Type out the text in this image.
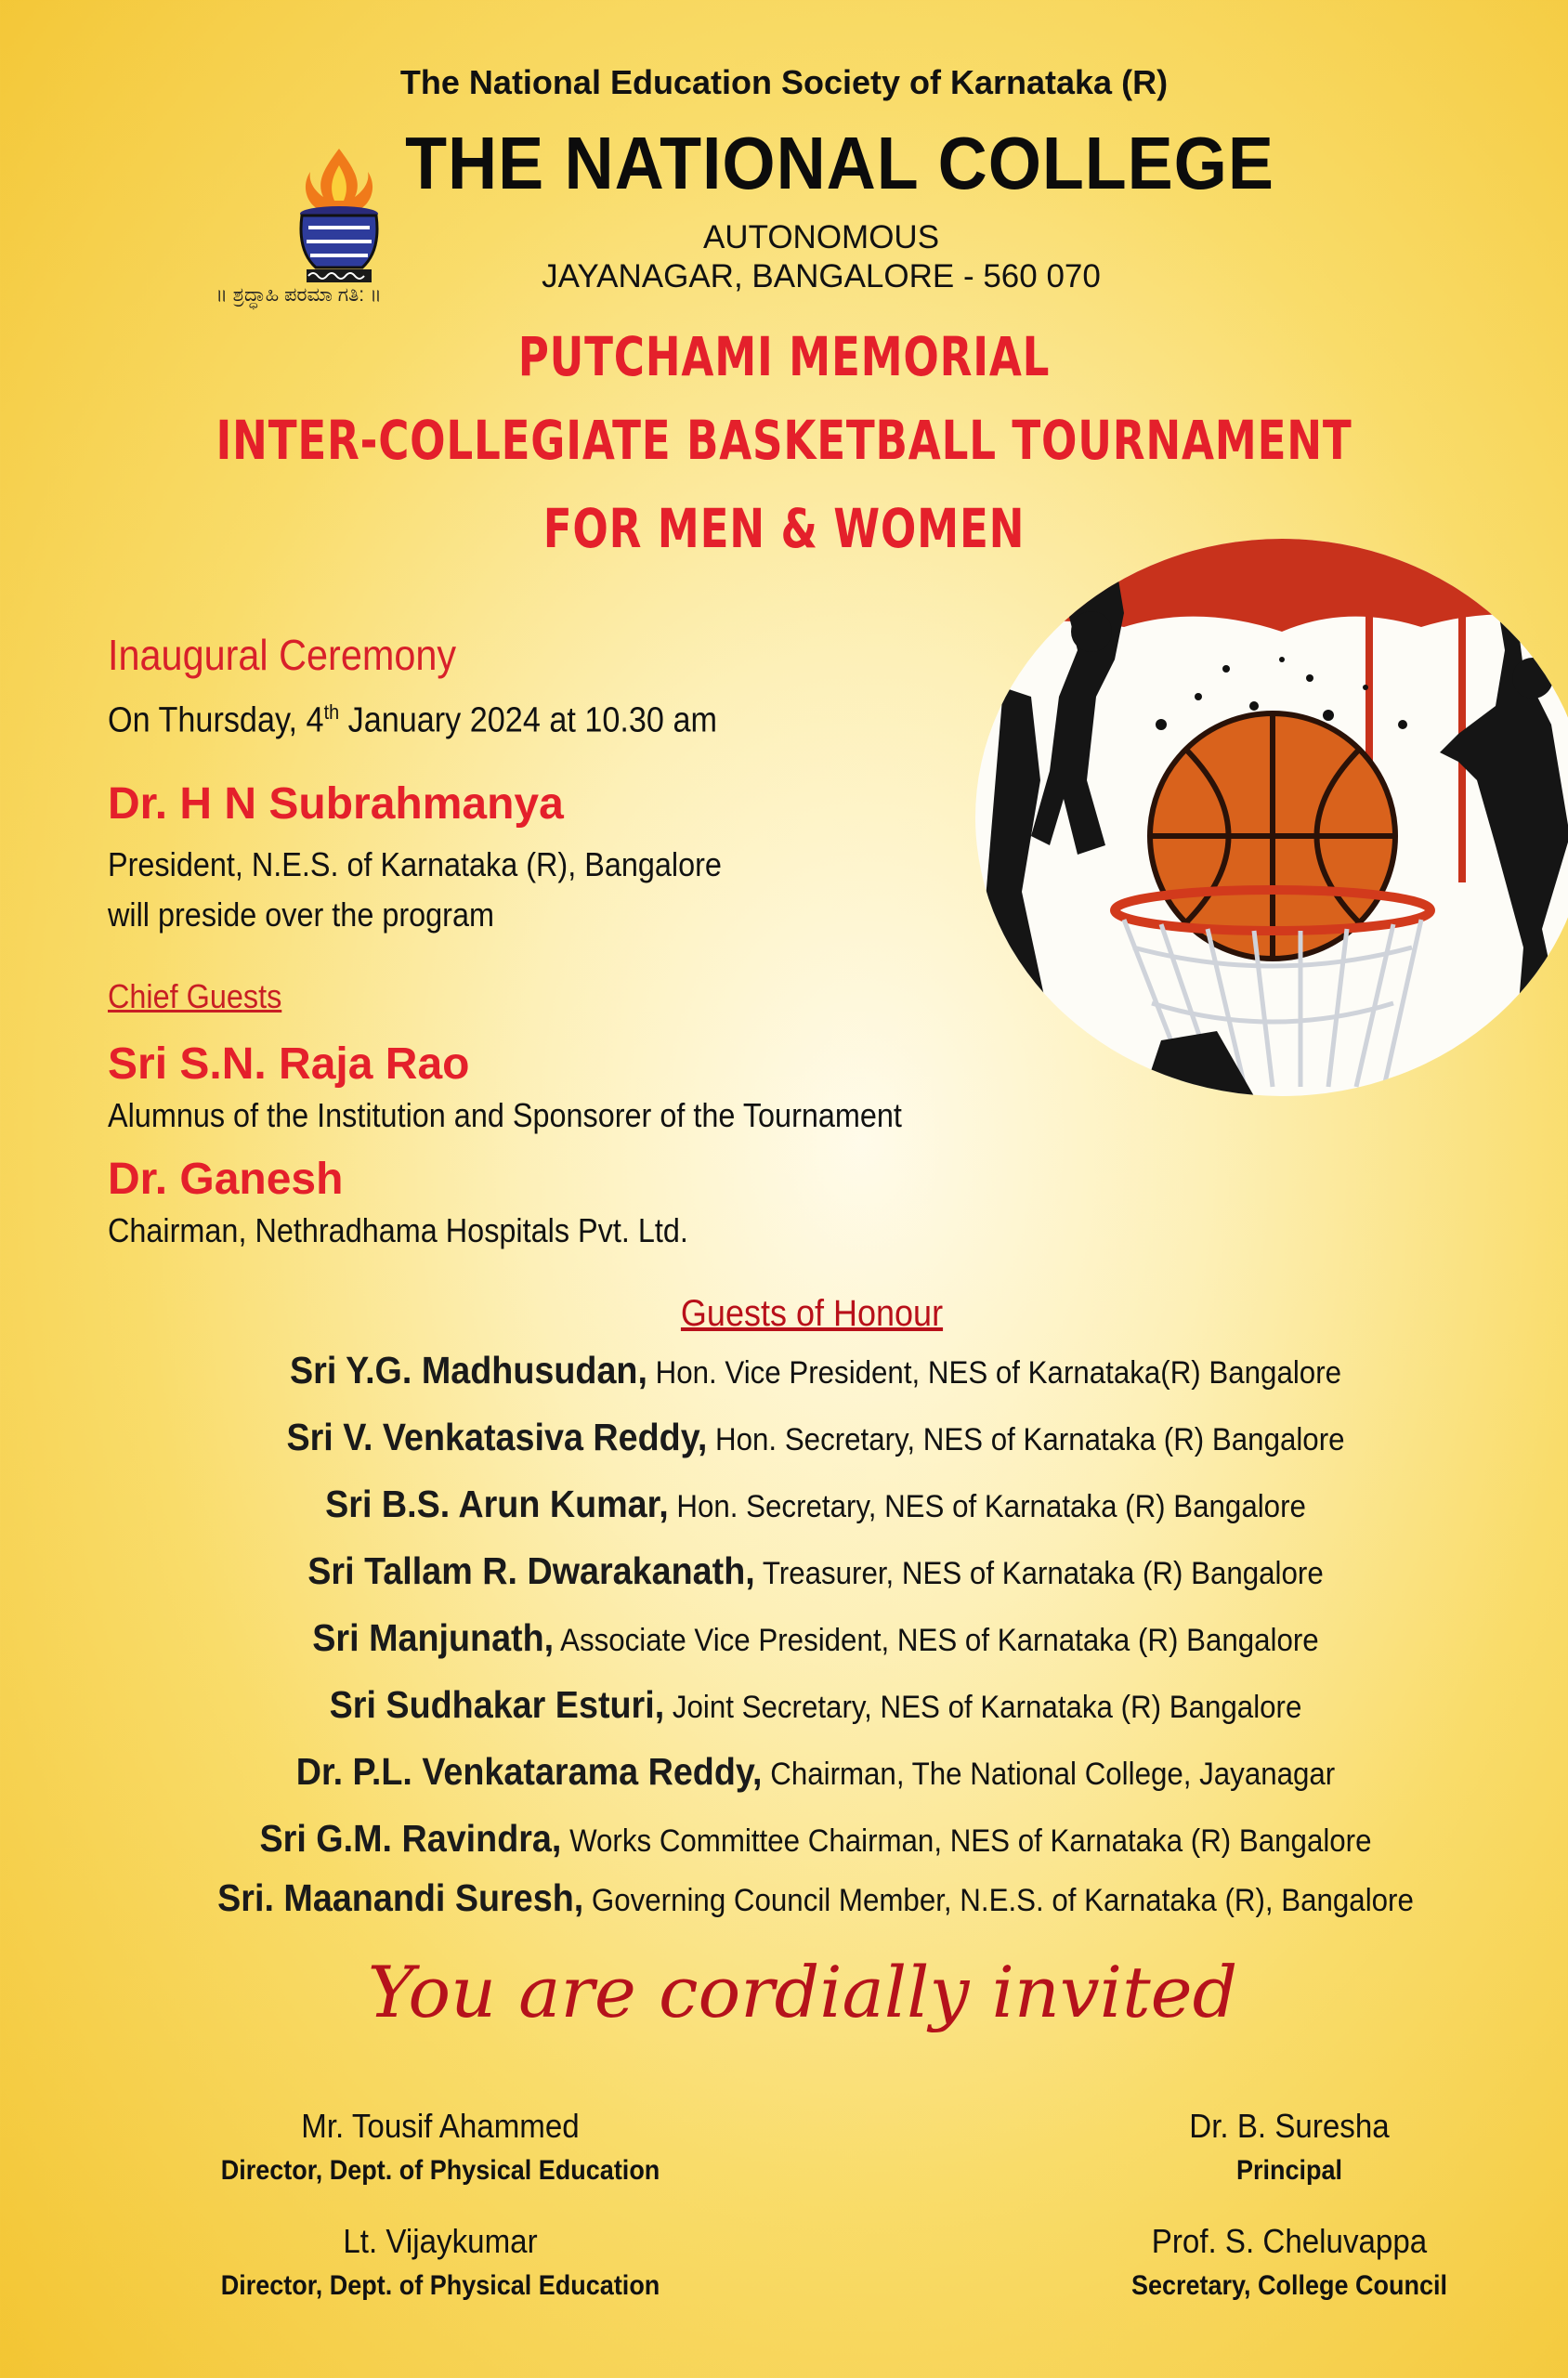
The National Education Society of Karnataka (R)
THE NATIONAL COLLEGE
AUTONOMOUS
JAYANAGAR, BANGALORE - 560 070
॥ ಶ್ರದ್ಧಾಹಿ ಪರಮಾ ಗತಿ: ॥
PUTCHAMI MEMORIAL
INTER-COLLEGIATE BASKETBALL TOURNAMENT
FOR MEN & WOMEN
Inaugural Ceremony
On Thursday, 4th January 2024 at 10.30 am
Dr. H N Subrahmanya
President, N.E.S. of Karnataka (R), Bangalore
will preside over the program
Chief Guests
Sri S.N. Raja Rao
Alumnus of the Institution and Sponsorer of the Tournament
Dr. Ganesh
Chairman, Nethradhama Hospitals Pvt. Ltd.
Guests of Honour
Sri Y.G. Madhusudan, Hon. Vice President, NES of Karnataka(R) Bangalore
Sri V. Venkatasiva Reddy, Hon. Secretary, NES of Karnataka (R) Bangalore
Sri B.S. Arun Kumar, Hon. Secretary, NES of Karnataka (R) Bangalore
Sri Tallam R. Dwarakanath, Treasurer, NES of Karnataka (R) Bangalore
Sri Manjunath, Associate Vice President, NES of Karnataka (R) Bangalore
Sri Sudhakar Esturi, Joint Secretary, NES of Karnataka (R) Bangalore
Dr. P.L. Venkatarama Reddy, Chairman, The National College, Jayanagar
Sri G.M. Ravindra, Works Committee Chairman, NES of Karnataka (R) Bangalore
Sri. Maanandi Suresh, Governing Council Member, N.E.S. of Karnataka (R), Bangalore
You are cordially invited
Mr. Tousif Ahammed
Director, Dept. of Physical Education
Dr. B. Suresha
Principal
Lt. Vijaykumar
Director, Dept. of Physical Education
Prof. S. Cheluvappa
Secretary, College Council
